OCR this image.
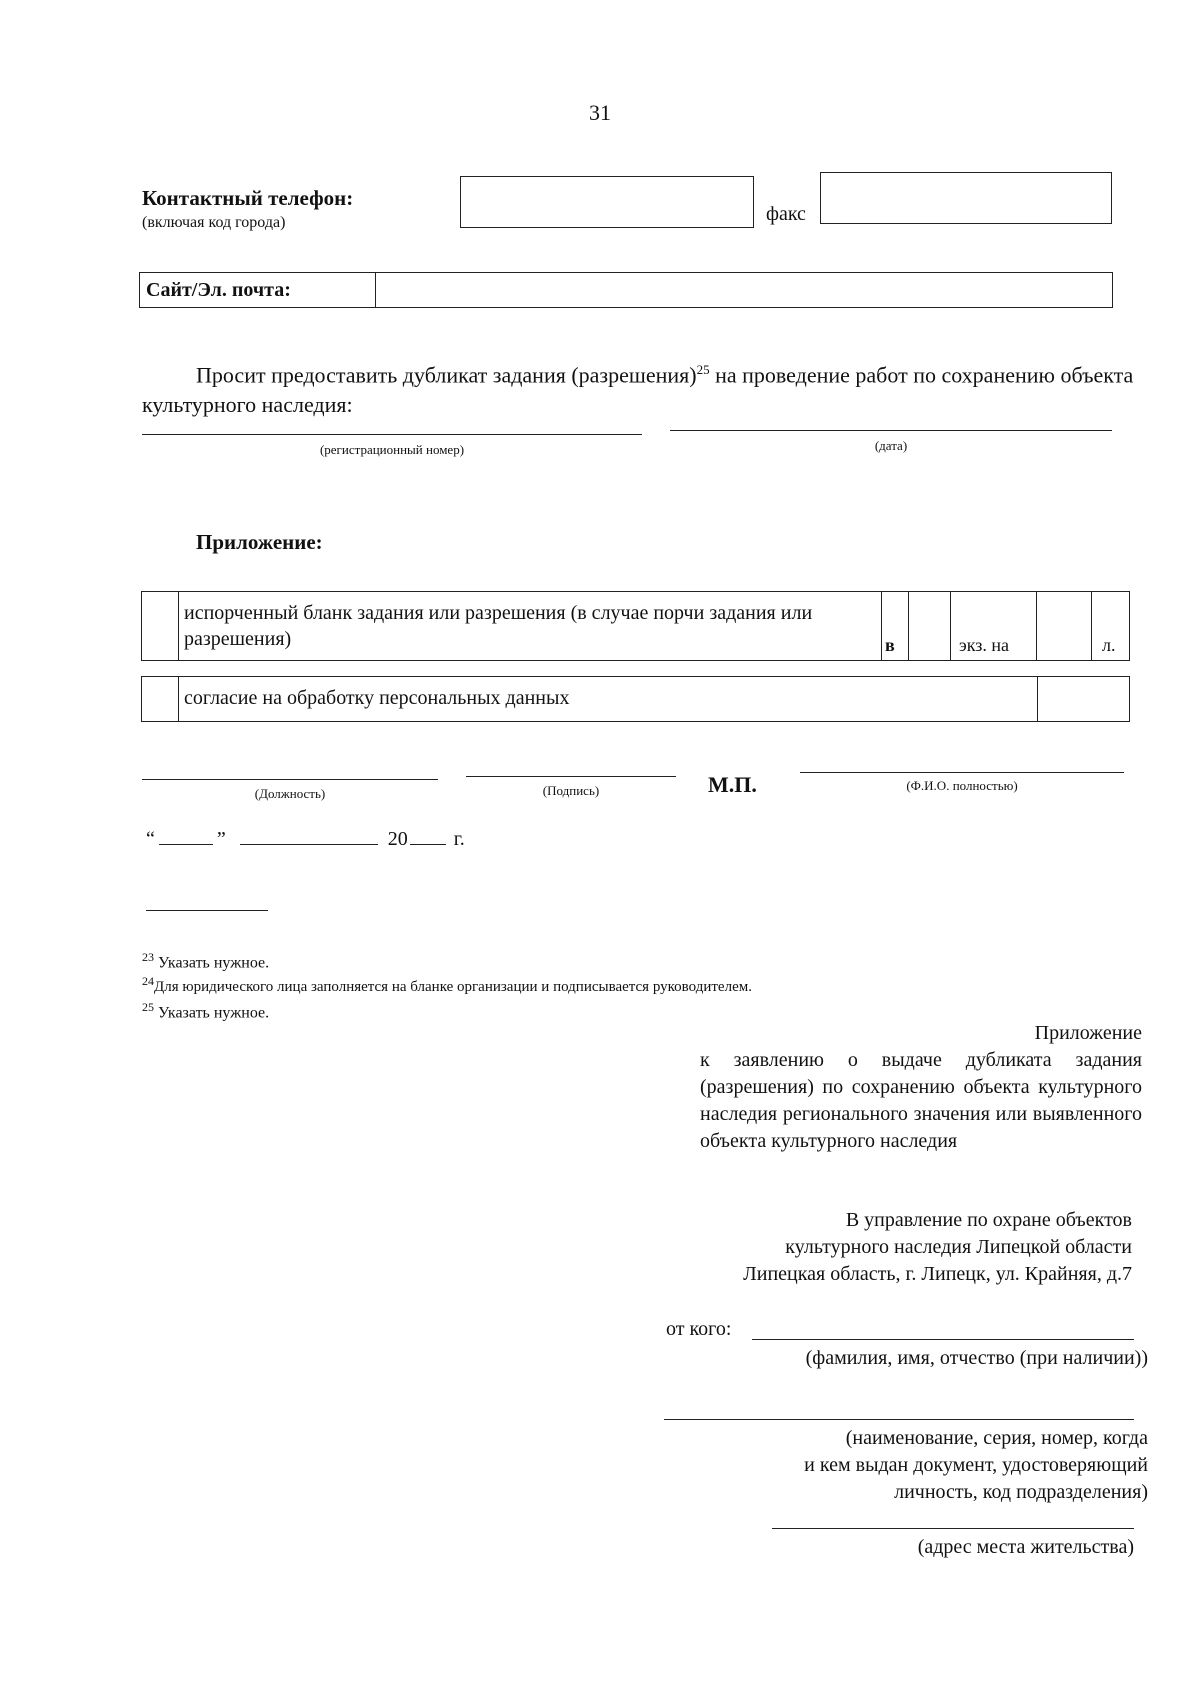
31
Контактный телефон:
(включая код города)	факс
Сайт/Эл. почта:
Просит предоставить дубликат задания (разрешения)$^{25}$ на проведение работ по сохранению объекта культурного наследия:
(регистрационный номер)	(дата)
Приложение:
испорченный бланк задания или разрешения (в случае порчи задания или разрешения)	в	экз. на	л.
согласие на обработку персональных данных
(Должность)	(Подпись)	М.П.	(Ф.И.О. полностью)
“	”	20 г.
$^{23}$ Указать нужное.
$^{24}$Для юридического лица заполняется на бланке организации и подписывается руководителем.
$^{25}$ Указать нужное.
Приложение
к заявлению о выдаче дубликата задания (разрешения) по сохранению объекта культурного наследия регионального значения или выявленного объекта культурного наследия
В управление по охране объектов
культурного наследия Липецкой области
Липецкая область, г. Липецк, ул. Крайняя, д.7
от кого:
(фамилия, имя, отчество (при наличии))
(наименование, серия, номер, когда
и кем выдан документ, удостоверяющий
личность, код подразделения)
(адрес места жительства)
